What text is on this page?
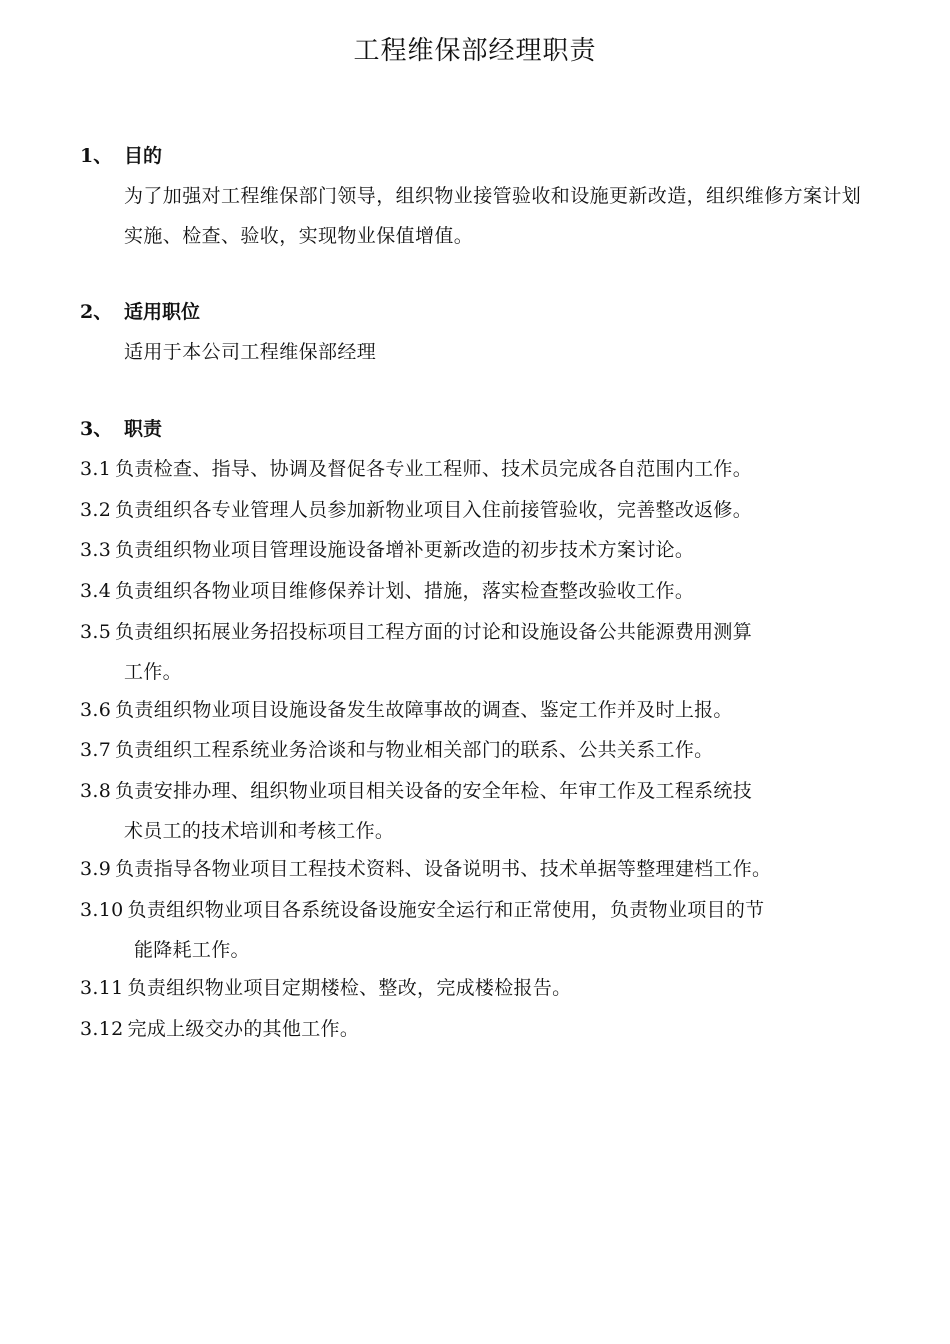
工程维保部经理职责
1、 目的
为了加强对工程维保部门领导，组织物业接管验收和设施更新改造，组织维修方案计划实施、检查、验收，实现物业保值增值。
2、 适用职位
适用于本公司工程维保部经理
3、 职责
3.1 负责检查、指导、协调及督促各专业工程师、技术员完成各自范围内工作。
3.2 负责组织各专业管理人员参加新物业项目入住前接管验收，完善整改返修。
3.3 负责组织物业项目管理设施设备增补更新改造的初步技术方案讨论。
3.4 负责组织各物业项目维修保养计划、措施，落实检查整改验收工作。
3.5 负责组织拓展业务招投标项目工程方面的讨论和设施设备公共能源费用测算
工作。
3.6 负责组织物业项目设施设备发生故障事故的调查、鉴定工作并及时上报。
3.7 负责组织工程系统业务洽谈和与物业相关部门的联系、公共关系工作。
3.8 负责安排办理、组织物业项目相关设备的安全年检、年审工作及工程系统技
术员工的技术培训和考核工作。
3.9 负责指导各物业项目工程技术资料、设备说明书、技术单据等整理建档工作。
3.10 负责组织物业项目各系统设备设施安全运行和正常使用，负责物业项目的节
能降耗工作。
3.11 负责组织物业项目定期楼检、整改，完成楼检报告。
3.12 完成上级交办的其他工作。
